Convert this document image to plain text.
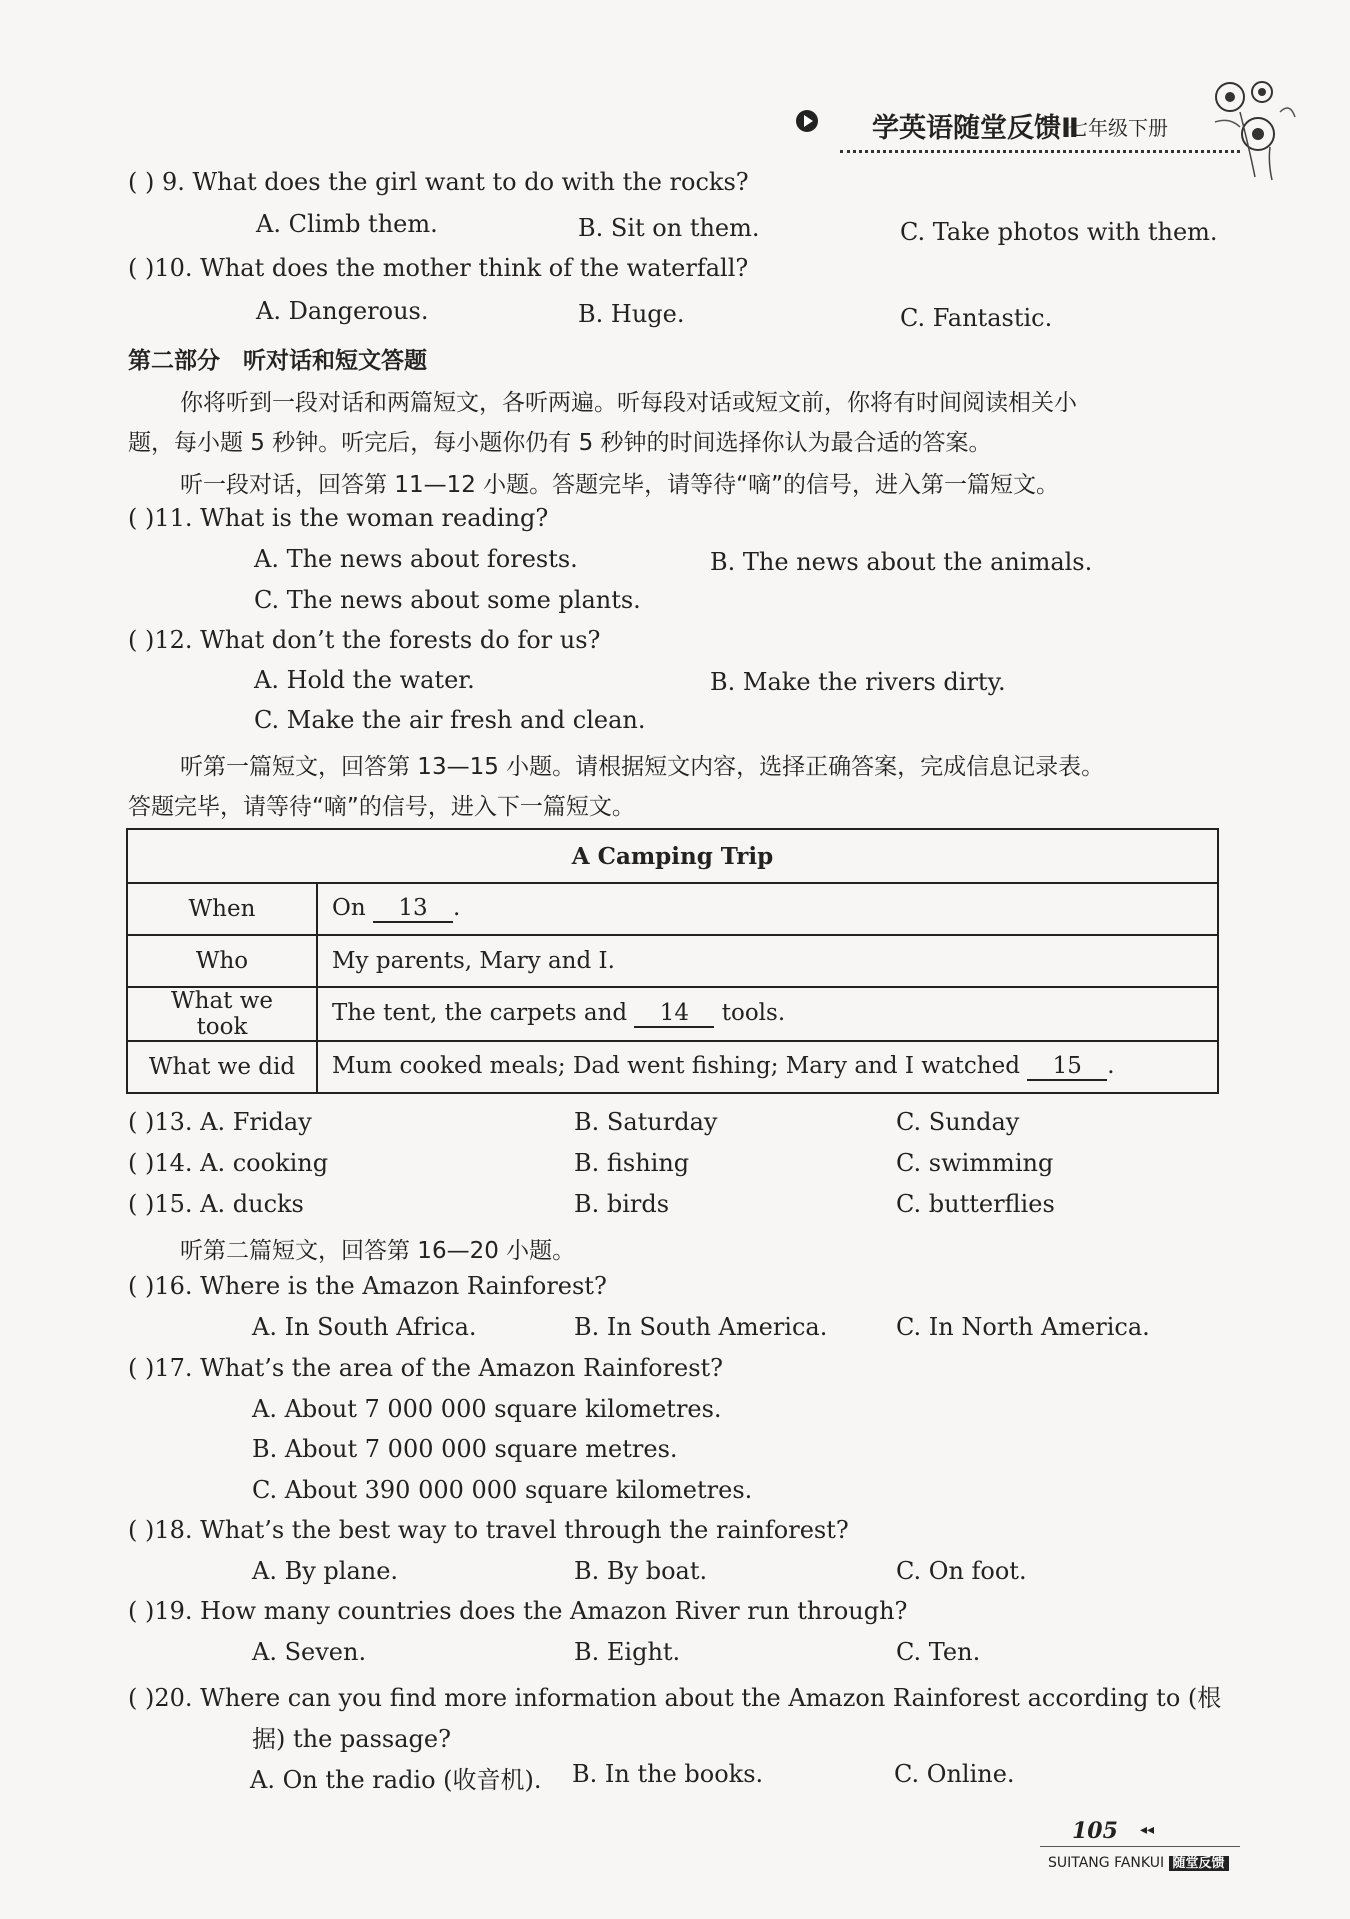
学英语随堂反馈Ⅱ
七年级下册
( ) 9. What does the girl want to do with the rocks?
A. Climb them.	B. Sit on them.	C. Take photos with them.
( )10. What does the mother think of the waterfall?
A. Dangerous.	B. Huge.	C. Fantastic.
第二部分　听对话和短文答题
你将听到一段对话和两篇短文，各听两遍。听每段对话或短文前，你将有时间阅读相关小
题，每小题 5 秒钟。听完后，每小题你仍有 5 秒钟的时间选择你认为最合适的答案。
听一段对话，回答第 11—12 小题。答题完毕，请等待“嘀”的信号，进入第一篇短文。
( )11. What is the woman reading?
A. The news about forests.	B. The news about the animals.
C. The news about some plants.
( )12. What don’t the forests do for us?
A. Hold the water.	B. Make the rivers dirty.
C. Make the air fresh and clean.
听第一篇短文，回答第 13—15 小题。请根据短文内容，选择正确答案，完成信息记录表。
答题完毕，请等待“嘀”的信号，进入下一篇短文。
A Camping Trip	
When	On 13 .
Who	My parents, Mary and I.
What we took	The tent, the carpets and 14 tools.
What we did	Mum cooked meals; Dad went fishing; Mary and I watched 15 .
( )13. A. Friday	B. Saturday	C. Sunday
( )14. A. cooking	B. fishing	C. swimming
( )15. A. ducks	B. birds	C. butterflies
听第二篇短文，回答第 16—20 小题。
( )16. Where is the Amazon Rainforest?
A. In South Africa.	B. In South America.	C. In North America.
( )17. What’s the area of the Amazon Rainforest?
A. About 7 000 000 square kilometres.
B. About 7 000 000 square metres.
C. About 390 000 000 square kilometres.
( )18. What’s the best way to travel through the rainforest?
A. By plane.	B. By boat.	C. On foot.
( )19. How many countries does the Amazon River run through?
A. Seven.	B. Eight.	C. Ten.
( )20. Where can you find more information about the Amazon Rainforest according to (根
据) the passage?
A. On the radio (收音机). B. In the books.	C. Online.
105 ◂◂
SUITANG FANKUI 随堂反馈
